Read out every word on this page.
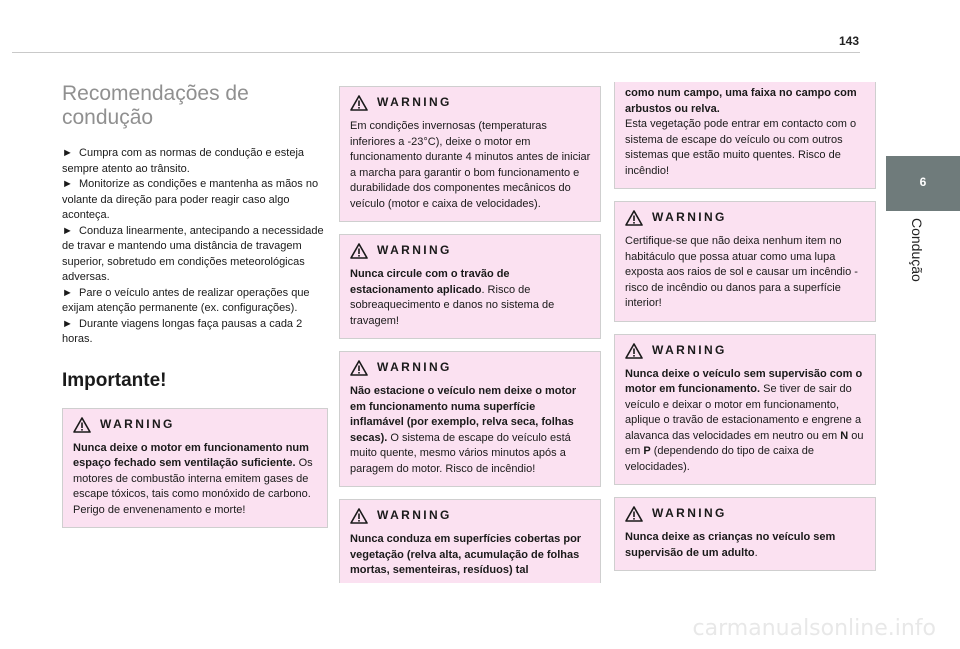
143
Recomendações de condução
► Cumpra com as normas de condução e esteja sempre atento ao trânsito.
► Monitorize as condições e mantenha as mãos no volante da direção para poder reagir caso algo aconteça.
► Conduza linearmente, antecipando a necessidade de travar e mantendo uma distância de travagem superior, sobretudo em condições meteorológicas adversas.
► Pare o veículo antes de realizar operações que exijam atenção permanente (ex. configurações).
► Durante viagens longas faça pausas a cada 2 horas.
Importante!
WARNING

Nunca deixe o motor em funcionamento num espaço fechado sem ventilação suficiente. Os motores de combustão interna emitem gases de escape tóxicos, tais como monóxido de carbono. Perigo de envenenamento e morte!

WARNING

Em condições invernosas (temperaturas inferiores a -23°C), deixe o motor em funcionamento durante 4 minutos antes de iniciar a marcha para garantir o bom funcionamento e durabilidade dos componentes mecânicos do veículo (motor e caixa de velocidades).

WARNING

Nunca circule com o travão de estacionamento aplicado. Risco de sobreaquecimento e danos no sistema de travagem!

WARNING

Não estacione o veículo nem deixe o motor em funcionamento numa superfície inflamável (por exemplo, relva seca, folhas secas). O sistema de escape do veículo está muito quente, mesmo vários minutos após a paragem do motor. Risco de incêndio!

WARNING

Nunca conduza em superfícies cobertas por vegetação (relva alta, acumulação de folhas mortas, sementeiras, resíduos) tal

como num campo, uma faixa no campo com arbustos ou relva.
Esta vegetação pode entrar em contacto com o sistema de escape do veículo ou com outros sistemas que estão muito quentes. Risco de incêndio!

WARNING

Certifique-se que não deixa nenhum item no habitáculo que possa atuar como uma lupa exposta aos raios de sol e causar um incêndio - risco de incêndio ou danos para a superfície interior!

WARNING

Nunca deixe o veículo sem supervisão com o motor em funcionamento. Se tiver de sair do veículo e deixar o motor em funcionamento, aplique o travão de estacionamento e engrene a alavanca das velocidades em neutro ou em N ou em P (dependendo do tipo de caixa de velocidades).

WARNING

Nunca deixe as crianças no veículo sem supervisão de um adulto.

6
Condução
carmanualsonline.info
